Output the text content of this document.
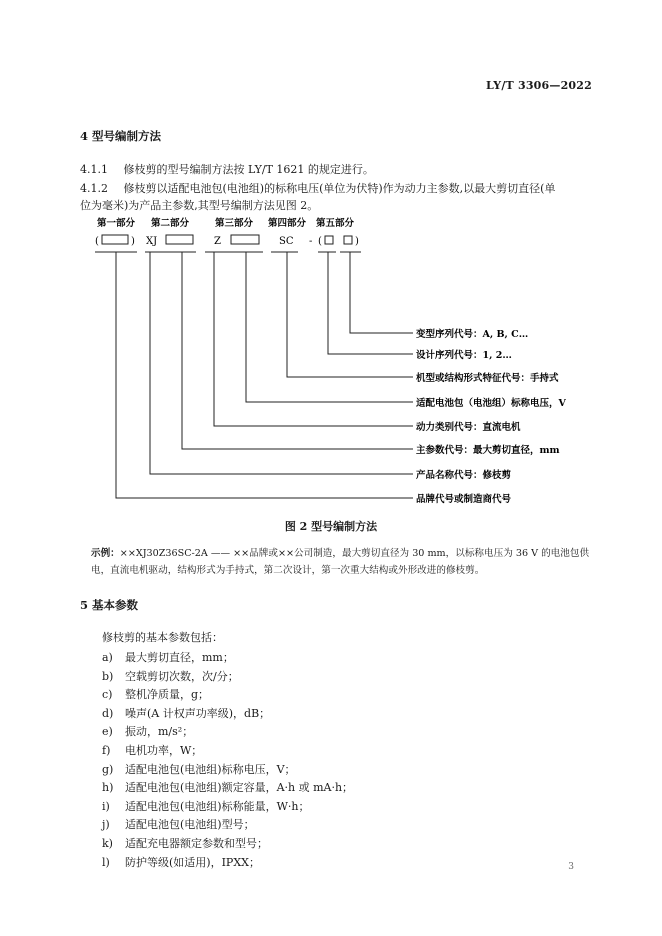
LY/T 3306—2022
4 型号编制方法
4.1.1 修枝剪的型号编制方法按 LY/T 1621 的规定进行。
4.1.2 修枝剪以适配电池包(电池组)的标称电压(单位为伏特)作为动力主参数,以最大剪切直径(单
位为毫米)为产品主参数,其型号编制方法见图 2。
第一部分 第二部分	第三部分 第四部分 第五部分
(	) XJ	Z	SC - (	)
变型序列代号：A, B, C…
设计序列代号：1, 2…
机型或结构形式特征代号：手持式
适配电池包（电池组）标称电压，V
动力类别代号：直流电机
主参数代号：最大剪切直径，mm
产品名称代号：修枝剪
品牌代号或制造商代号
图 2 型号编制方法
示例：××XJ30Z36SC-2A —— ××品牌或××公司制造，最大剪切直径为 30 mm，以标称电压为 36 V 的电池包供电，直流电机驱动，结构形式为手持式，第二次设计，第一次重大结构或外形改进的修枝剪。
5 基本参数
修枝剪的基本参数包括：
a) 最大剪切直径，mm；
b) 空载剪切次数，次/分；
c) 整机净质量，g；
d) 噪声(A 计权声功率级)，dB；
e) 振动，m/s²；
f) 电机功率，W；
g) 适配电池包(电池组)标称电压，V；
h) 适配电池包(电池组)额定容量，A·h 或 mA·h；
i) 适配电池包(电池组)标称能量，W·h；
j) 适配电池包(电池组)型号；
k) 适配充电器额定参数和型号；
l) 防护等级(如适用)，IPXX；	3
